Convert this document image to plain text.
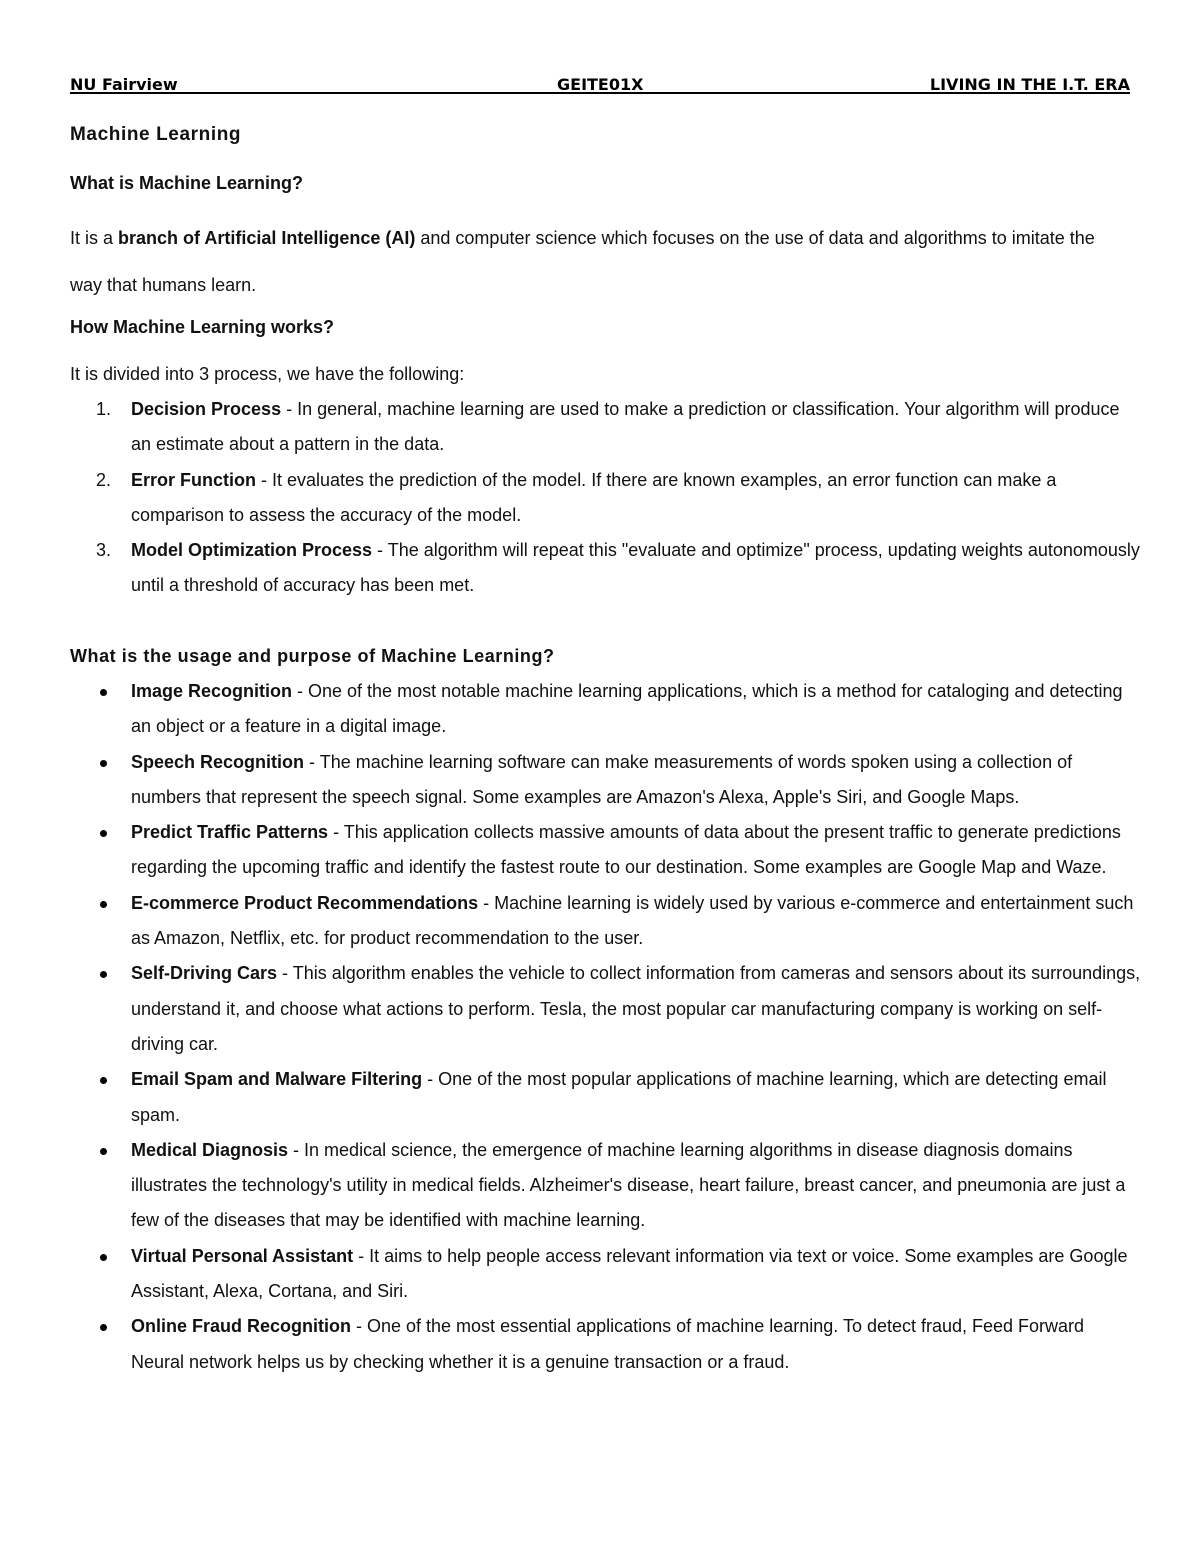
NU Fairview	GEITE01X	LIVING IN THE I.T. ERA
Machine Learning
What is Machine Learning?
It is a branch of Artificial Intelligence (AI) and computer science which focuses on the use of data and algorithms to imitate the way that humans learn.
How Machine Learning works?
It is divided into 3 process, we have the following:
1. Decision Process - In general, machine learning are used to make a prediction or classification. Your algorithm will produce an estimate about a pattern in the data.
2. Error Function - It evaluates the prediction of the model. If there are known examples, an error function can make a comparison to assess the accuracy of the model.
3. Model Optimization Process - The algorithm will repeat this "evaluate and optimize" process, updating weights autonomously until a threshold of accuracy has been met.
What is the usage and purpose of Machine Learning?
Image Recognition - One of the most notable machine learning applications, which is a method for cataloging and detecting an object or a feature in a digital image.
Speech Recognition - The machine learning software can make measurements of words spoken using a collection of numbers that represent the speech signal. Some examples are Amazon's Alexa, Apple's Siri, and Google Maps.
Predict Traffic Patterns - This application collects massive amounts of data about the present traffic to generate predictions regarding the upcoming traffic and identify the fastest route to our destination. Some examples are Google Map and Waze.
E-commerce Product Recommendations - Machine learning is widely used by various e-commerce and entertainment such as Amazon, Netflix, etc. for product recommendation to the user.
Self-Driving Cars - This algorithm enables the vehicle to collect information from cameras and sensors about its surroundings, understand it, and choose what actions to perform. Tesla, the most popular car manufacturing company is working on self-driving car.
Email Spam and Malware Filtering - One of the most popular applications of machine learning, which are detecting email spam.
Medical Diagnosis - In medical science, the emergence of machine learning algorithms in disease diagnosis domains illustrates the technology's utility in medical fields. Alzheimer's disease, heart failure, breast cancer, and pneumonia are just a few of the diseases that may be identified with machine learning.
Virtual Personal Assistant - It aims to help people access relevant information via text or voice. Some examples are Google Assistant, Alexa, Cortana, and Siri.
Online Fraud Recognition - One of the most essential applications of machine learning. To detect fraud, Feed Forward Neural network helps us by checking whether it is a genuine transaction or a fraud.
